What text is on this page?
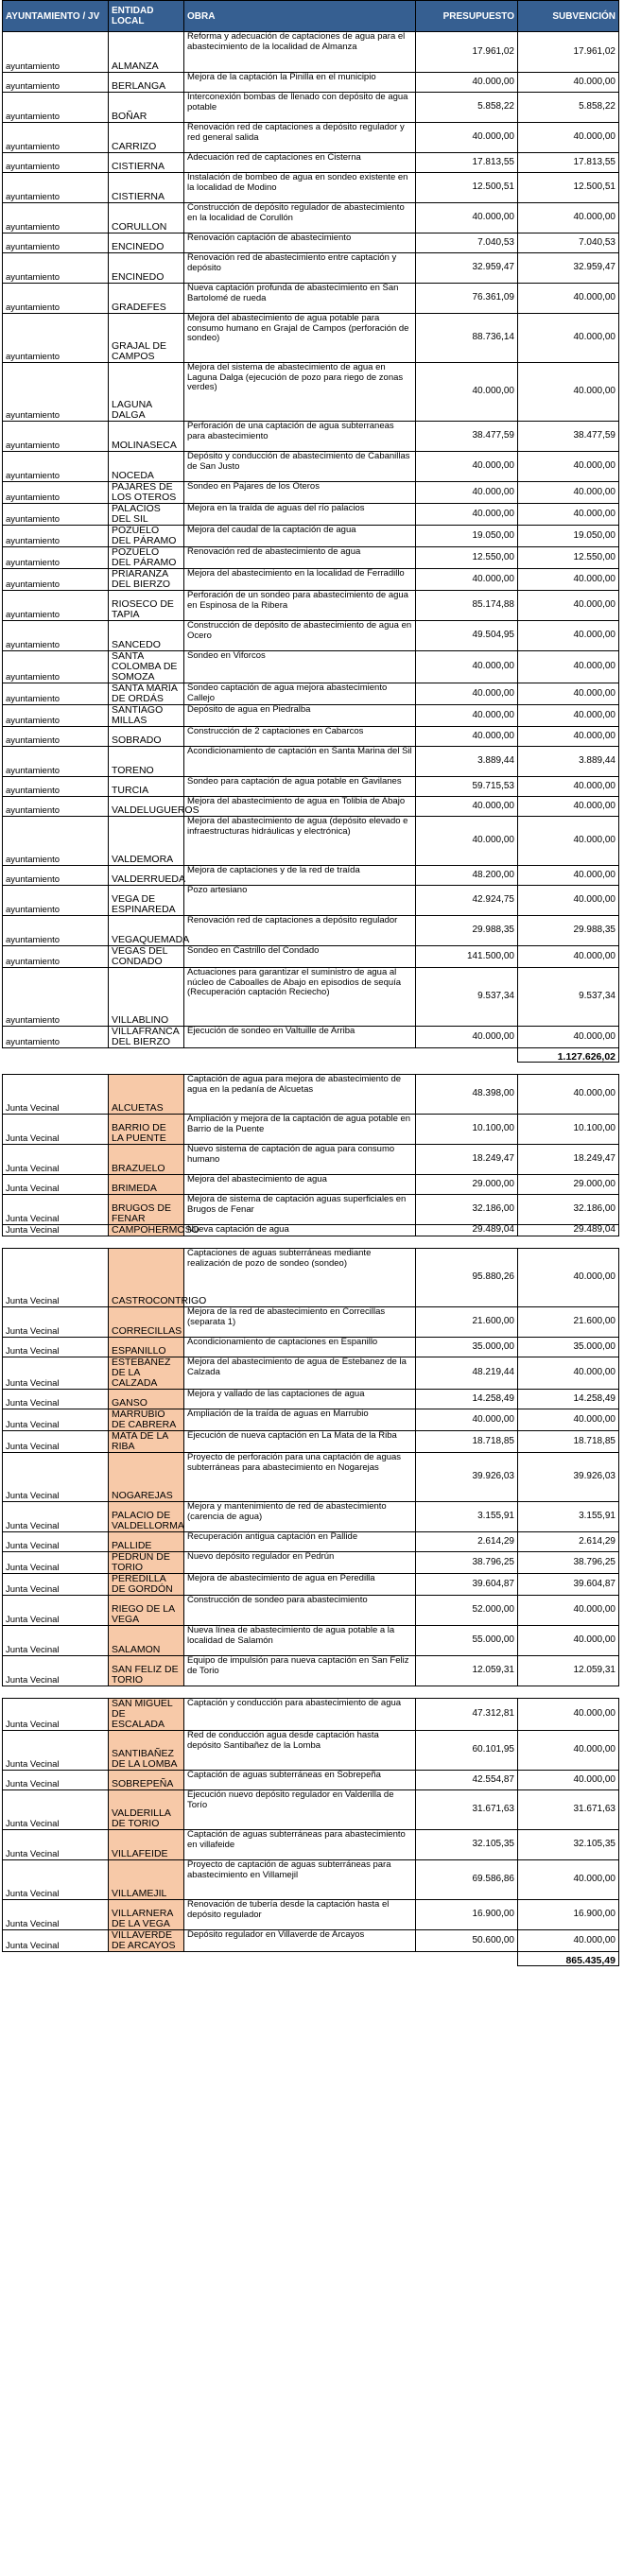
AYUNTAMIENTO / JV	ENTIDAD LOCAL	OBRA	PRESUPUESTO	SUBVENCIÓN
ayuntamiento	ALMANZA	Reforma y adecuación de captaciones de agua para el abastecimiento de la localidad de Almanza	17.961,02	17.961,02
ayuntamiento	BERLANGA	Mejora de la captación la Pinilla en el municipio	40.000,00	40.000,00
ayuntamiento	BOÑAR	Interconexión bombas de llenado con depósito de agua potable	5.858,22	5.858,22
ayuntamiento	CARRIZO	Renovación red de captaciones a depósito regulador y red general salida	40.000,00	40.000,00
ayuntamiento	CISTIERNA	Adecuación red de captaciones en Cisterna	17.813,55	17.813,55
ayuntamiento	CISTIERNA	Instalación de bombeo de agua en sondeo existente en la localidad de Modino	12.500,51	12.500,51
ayuntamiento	CORULLON	Construcción de depósito regulador de abastecimiento en la localidad de Corullón	40.000,00	40.000,00
ayuntamiento	ENCINEDO	Renovación captación de abastecimiento	7.040,53	7.040,53
ayuntamiento	ENCINEDO	Renovación red de abastecimiento entre captación y depósito	32.959,47	32.959,47
ayuntamiento	GRADEFES	Nueva captación profunda de abastecimiento en San Bartolomé de rueda	76.361,09	40.000,00
ayuntamiento	GRAJAL DE CAMPOS	Mejora del abastecimiento de agua potable para consumo humano en Grajal de Campos (perforación de sondeo)	88.736,14	40.000,00
ayuntamiento	LAGUNA DALGA	Mejora del sistema de abastecimiento de agua en Laguna Dalga (ejecución de pozo para riego de zonas verdes)	40.000,00	40.000,00
ayuntamiento	MOLINASECA	Perforación de una captación de agua subterraneas para abastecimiento	38.477,59	38.477,59
ayuntamiento	NOCEDA	Depósito y conducción de abastecimiento de Cabanillas de San Justo	40.000,00	40.000,00
ayuntamiento	PAJARES DE LOS OTEROS	Sondeo en Pajares de los Oteros	40.000,00	40.000,00
ayuntamiento	PALACIOS DEL SIL	Mejora en la traída de aguas del río palacios	40.000,00	40.000,00
ayuntamiento	POZUELO DEL PÁRAMO	Mejora del caudal de la captación de agua	19.050,00	19.050,00
ayuntamiento	POZUELO DEL PÁRAMO	Renovación red de abastecimiento de agua	12.550,00	12.550,00
ayuntamiento	PRIARANZA DEL BIERZO	Mejora del abastecimiento en la localidad de Ferradillo	40.000,00	40.000,00
ayuntamiento	RIOSECO DE TAPIA	Perforación de un sondeo para abastecimiento de agua en Espinosa de la Ribera	85.174,88	40.000,00
ayuntamiento	SANCEDO	Construcción de depósito de abastecimiento de agua en Ocero	49.504,95	40.000,00
ayuntamiento	SANTA COLOMBA DE SOMOZA	Sondeo en Viforcos	40.000,00	40.000,00
ayuntamiento	SANTA MARÍA DE ORDÁS	Sondeo captación de agua mejora abastecimiento Callejo	40.000,00	40.000,00
ayuntamiento	SANTIAGO MILLAS	Depósito de agua en Piedralba	40.000,00	40.000,00
ayuntamiento	SOBRADO	Construcción de 2 captaciones en Cabarcos	40.000,00	40.000,00
ayuntamiento	TORENO	Acondicionamiento de captación en Santa Marina del Sil	3.889,44	3.889,44
ayuntamiento	TURCIA	Sondeo para captación de agua potable en Gavilanes	59.715,53	40.000,00
ayuntamiento	VALDELUGUEROS	Mejora del abastecimiento de agua en Tolibia de Abajo	40.000,00	40.000,00
ayuntamiento	VALDEMORA	Mejora del abastecimiento de agua (depósito elevado e infraestructuras hidráulicas y electrónica)	40.000,00	40.000,00
ayuntamiento	VALDERRUEDA	Mejora de captaciones y de la red de traída	48.200,00	40.000,00
ayuntamiento	VEGA DE ESPINAREDA	Pozo artesiano	42.924,75	40.000,00
ayuntamiento	VEGAQUEMADA	Renovación red de captaciones a depósito regulador	29.988,35	29.988,35
ayuntamiento	VEGAS DEL CONDADO	Sondeo en Castrillo del Condado	141.500,00	40.000,00
ayuntamiento	VILLABLINO	Actuaciones para garantizar el suministro de agua al núcleo de Caboalles de Abajo en episodios de sequía (Recuperación captación Reciecho)	9.537,34	9.537,34
ayuntamiento	VILLAFRANCA DEL BIERZO	Ejecución de sondeo en Valtuille de Arriba	40.000,00	40.000,00
				1.127.626,02

Junta Vecinal	ALCUETAS	Captación de agua para mejora de abastecimiento de agua en la pedanía de Alcuetas	48.398,00	40.000,00
Junta Vecinal	BARRIO DE LA PUENTE	Ampliación y mejora de la captación de agua potable en Barrio de la Puente	10.100,00	10.100,00
Junta Vecinal	BRAZUELO	Nuevo sistema de captación de agua para consumo humano	18.249,47	18.249,47
Junta Vecinal	BRIMEDA	Mejora del abastecimiento de agua	29.000,00	29.000,00
Junta Vecinal	BRUGOS DE FENAR	Mejora de sistema de captación aguas superficiales en Brugos de Fenar	32.186,00	32.186,00
Junta Vecinal	CAMPOHERMOSO	Nueva captación de agua	29.489,04	29.489,04

Junta Vecinal	CASTROCONTRIGO	Captaciones de aguas subterráneas mediante realización de pozo de sondeo (sondeo)	95.880,26	40.000,00
Junta Vecinal	CORRECILLAS	Mejora de la red de abastecimiento en Correcillas (separata 1)	21.600,00	21.600,00
Junta Vecinal	ESPANILLO	Acondicionamiento de captaciones en Espanillo	35.000,00	35.000,00
Junta Vecinal	ESTEBANEZ DE LA CALZADA	Mejora del abastecimiento de agua de Estebanez de la Calzada	48.219,44	40.000,00
Junta Vecinal	GANSO	Mejora y vallado de las captaciones de agua	14.258,49	14.258,49
Junta Vecinal	MARRUBIO DE CABRERA	Ampliación de la traída de aguas en Marrubio	40.000,00	40.000,00
Junta Vecinal	MATA DE LA RIBA	Ejecución de nueva captación en La Mata de la Riba	18.718,85	18.718,85
Junta Vecinal	NOGAREJAS	Proyecto de perforación para una captación de aguas subterráneas para abastecimiento en Nogarejas	39.926,03	39.926,03
Junta Vecinal	PALACIO DE VALDELLORMA	Mejora y mantenimiento de red de abastecimiento (carencia de agua)	3.155,91	3.155,91
Junta Vecinal	PALLIDE	Recuperación antigua captación en Pallide	2.614,29	2.614,29
Junta Vecinal	PEDRÚN DE TORIO	Nuevo depósito regulador en Pedrún	38.796,25	38.796,25
Junta Vecinal	PEREDILLA DE GORDÓN	Mejora de abastecimiento de agua en Peredilla	39.604,87	39.604,87
Junta Vecinal	RIEGO DE LA VEGA	Construcción de sondeo para abastecimiento	52.000,00	40.000,00
Junta Vecinal	SALAMON	Nueva línea de abastecimiento de agua potable a la localidad de Salamón	55.000,00	40.000,00
Junta Vecinal	SAN FELIZ DE TORIO	Equipo de impulsión para nueva captación en San Feliz de Torio	12.059,31	12.059,31

Junta Vecinal	SAN MIGUEL DE ESCALADA	Captación y conducción para abastecimiento de agua	47.312,81	40.000,00
Junta Vecinal	SANTIBAÑEZ DE LA LOMBA	Red de conducción agua desde captación hasta depósito Santibañez de la Lomba	60.101,95	40.000,00
Junta Vecinal	SOBREPEÑA	Captación de aguas subterráneas en Sobrepeña	42.554,87	40.000,00
Junta Vecinal	VALDERILLA DE TORIO	Ejecución nuevo depósito regulador en Valderilla de Torío	31.671,63	31.671,63
Junta Vecinal	VILLAFEIDE	Captación de aguas subterráneas para abastecimiento en villafeide	32.105,35	32.105,35
Junta Vecinal	VILLAMEJIL	Proyecto de captación de aguas subterráneas para abastecimiento en Villamejil	69.586,86	40.000,00
Junta Vecinal	VILLARNERA DE LA VEGA	Renovación de tubería desde la captación hasta el depósito regulador	16.900,00	16.900,00
Junta Vecinal	VILLAVERDE DE ARCAYOS	Depósito regulador en Villaverde de Arcayos	50.600,00	40.000,00
				865.435,49
